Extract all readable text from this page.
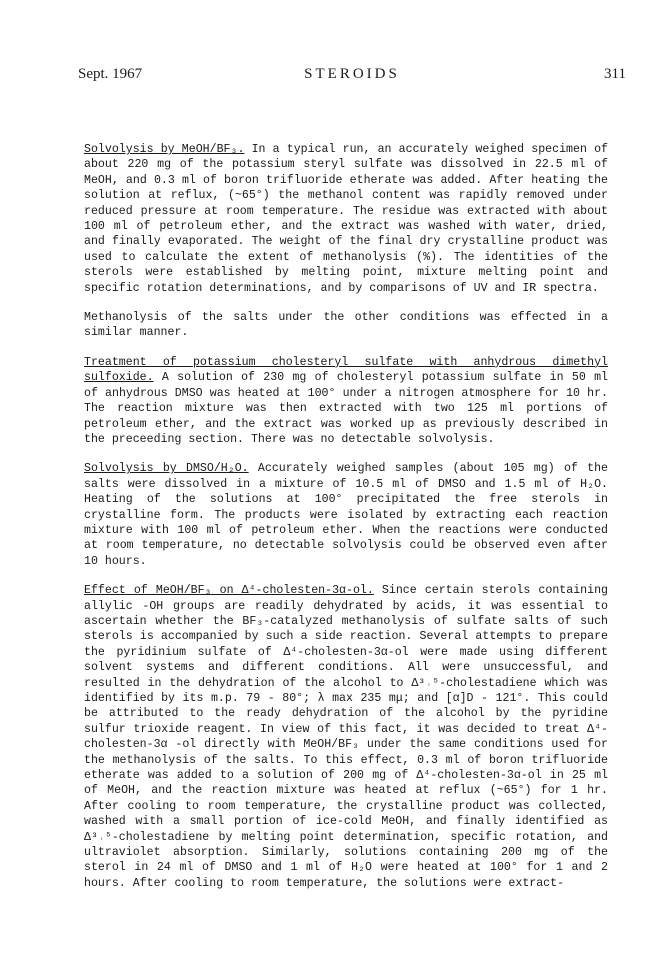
Sept. 1967	STEROIDS	311

Solvolysis by MeOH/BF₃. In a typical run, an accurately weighed specimen of about 220 mg of the potassium steryl sulfate was dissolved in 22.5 ml of MeOH, and 0.3 ml of boron trifluoride etherate was added. After heating the solution at reflux, (~65°) the methanol content was rapidly removed under reduced pressure at room temperature. The residue was extracted with about 100 ml of petroleum ether, and the extract was washed with water, dried, and finally evaporated. The weight of the final dry crystalline product was used to calculate the extent of methanolysis (%). The identities of the sterols were established by melting point, mixture melting point and specific rotation determinations, and by comparisons of UV and IR spectra.

Methanolysis of the salts under the other conditions was effected in a similar manner.

Treatment of potassium cholesteryl sulfate with anhydrous dimethyl sulfoxide. A solution of 230 mg of cholesteryl potassium sulfate in 50 ml of anhydrous DMSO was heated at 100° under a nitrogen atmosphere for 10 hr. The reaction mixture was then extracted with two 125 ml portions of petroleum ether, and the extract was worked up as previously described in the preceeding section. There was no detectable solvolysis.

Solvolysis by DMSO/H₂O. Accurately weighed samples (about 105 mg) of the salts were dissolved in a mixture of 10.5 ml of DMSO and 1.5 ml of H₂O. Heating of the solutions at 100° precipitated the free sterols in crystalline form. The products were isolated by extracting each reaction mixture with 100 ml of petroleum ether. When the reactions were conducted at room temperature, no detectable solvolysis could be observed even after 10 hours.

Effect of MeOH/BF₃ on Δ⁴-cholesten-3α-ol. Since certain sterols containing allylic -OH groups are readily dehydrated by acids, it was essential to ascertain whether the BF₃-catalyzed methanolysis of sulfate salts of such sterols is accompanied by such a side reaction. Several attempts to prepare the pyridinium sulfate of Δ⁴-cholesten-3α-ol were made using different solvent systems and different conditions. All were unsuccessful, and resulted in the dehydration of the alcohol to Δ³˒⁵-cholestadiene which was identified by its m.p. 79 - 80°; λ max 235 mμ; and [α]D - 121°. This could be attributed to the ready dehydration of the alcohol by the pyridine sulfur trioxide reagent. In view of this fact, it was decided to treat Δ⁴-cholesten-3α -ol directly with MeOH/BF₃ under the same conditions used for the methanolysis of the salts. To this effect, 0.3 ml of boron trifluoride etherate was added to a solution of 200 mg of Δ⁴-cholesten-3α-ol in 25 ml of MeOH, and the reaction mixture was heated at reflux (~65°) for 1 hr. After cooling to room temperature, the crystalline product was collected, washed with a small portion of ice-cold MeOH, and finally identified as Δ³˒⁵-cholestadiene by melting point determination, specific rotation, and ultraviolet absorption. Similarly, solutions containing 200 mg of the sterol in 24 ml of DMSO and 1 ml of H₂O were heated at 100° for 1 and 2 hours. After cooling to room temperature, the solutions were extract-
